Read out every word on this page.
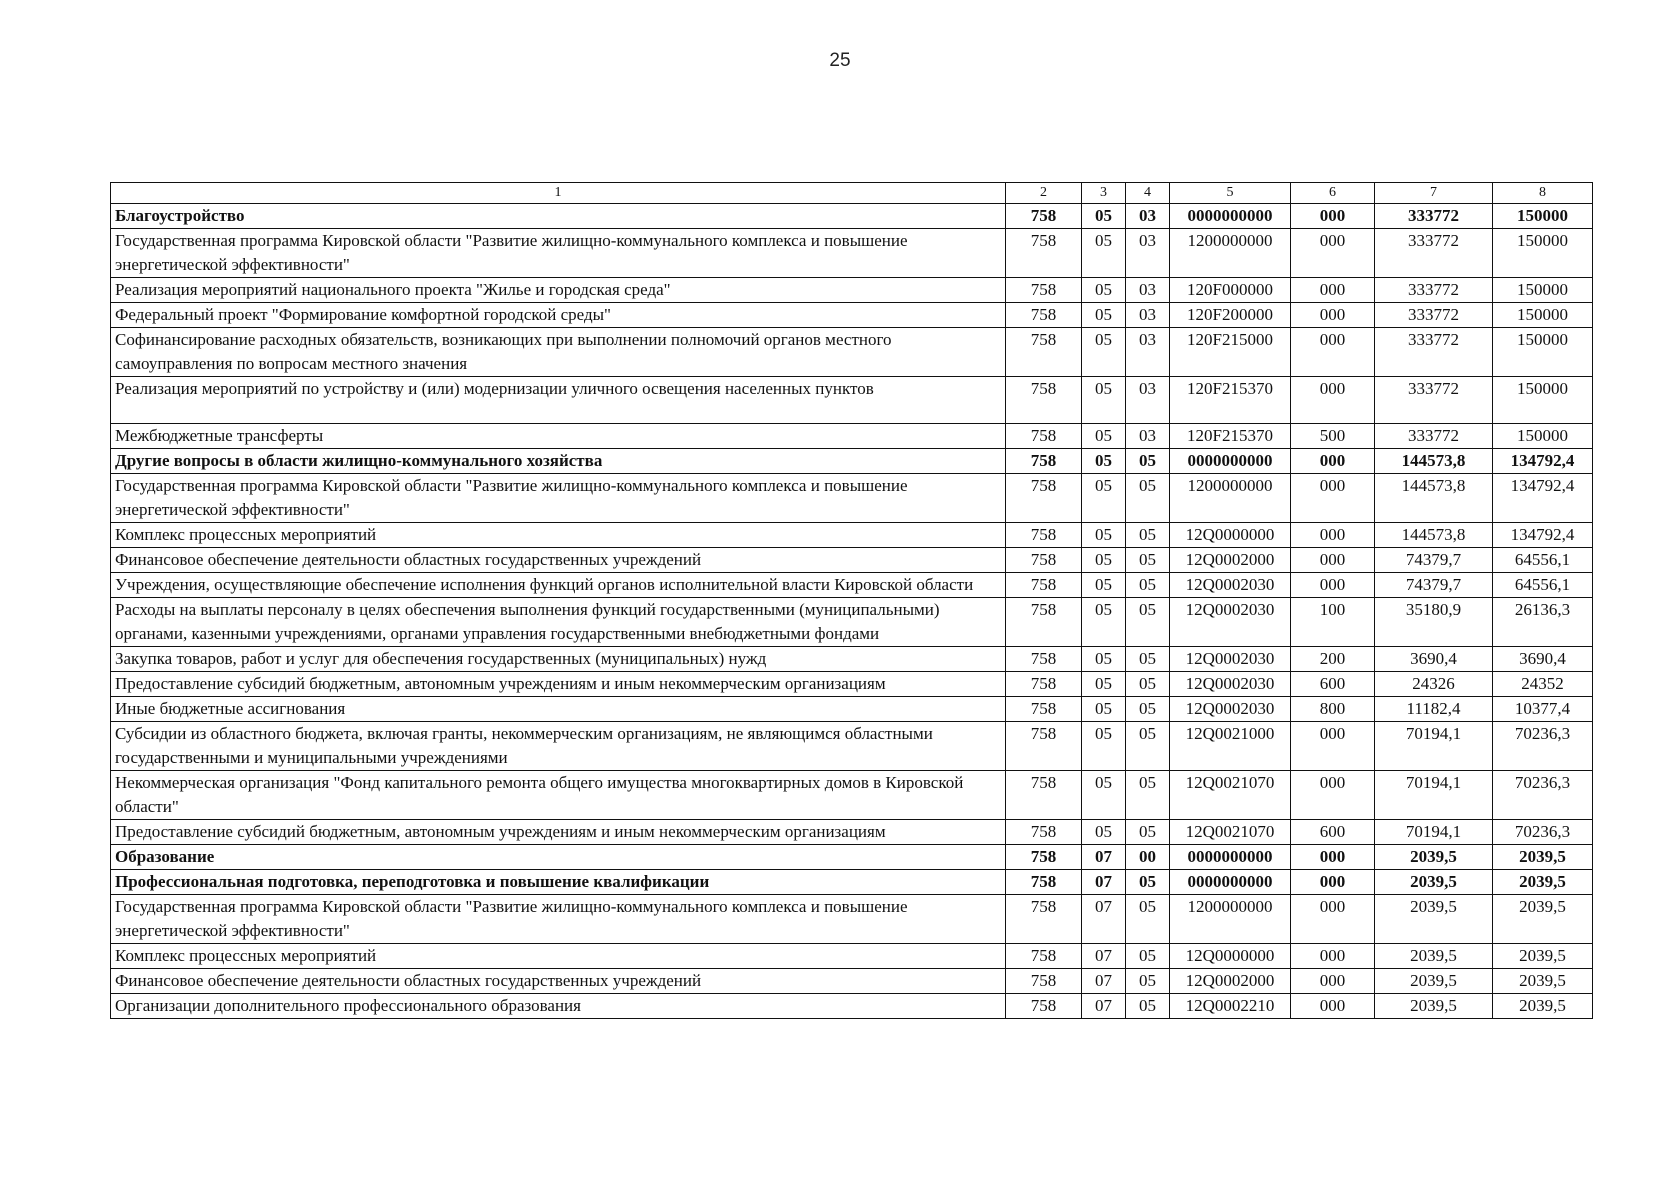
25
1	2	3	4	5	6	7	8
Благоустройство	758	05	03	0000000000	000	333772	150000
Государственная программа Кировской области "Развитие жилищно-коммунального комплекса и повышение энергетической эффективности"	758	05	03	1200000000	000	333772	150000
Реализация мероприятий национального проекта "Жилье и городская среда"	758	05	03	120F000000	000	333772	150000
Федеральный проект "Формирование комфортной городской среды"	758	05	03	120F200000	000	333772	150000
Софинансирование расходных обязательств, возникающих при выполнении полномочий органов местного самоуправления по вопросам местного значения	758	05	03	120F215000	000	333772	150000
Реализация мероприятий по устройству и (или) модернизации уличного освещения населенных пунктов	758	05	03	120F215370	000	333772	150000
Межбюджетные трансферты	758	05	03	120F215370	500	333772	150000
Другие вопросы в области жилищно-коммунального хозяйства	758	05	05	0000000000	000	144573,8	134792,4
Государственная программа Кировской области "Развитие жилищно-коммунального комплекса и повышение энергетической эффективности"	758	05	05	1200000000	000	144573,8	134792,4
Комплекс процессных мероприятий	758	05	05	12Q0000000	000	144573,8	134792,4
Финансовое обеспечение деятельности областных государственных учреждений	758	05	05	12Q0002000	000	74379,7	64556,1
Учреждения, осуществляющие обеспечение исполнения функций органов исполнительной власти Кировской области	758	05	05	12Q0002030	000	74379,7	64556,1
Расходы на выплаты персоналу в целях обеспечения выполнения функций государственными (муниципальными) органами, казенными учреждениями, органами управления государственными внебюджетными фондами	758	05	05	12Q0002030	100	35180,9	26136,3
Закупка товаров, работ и услуг для обеспечения государственных (муниципальных) нужд	758	05	05	12Q0002030	200	3690,4	3690,4
Предоставление субсидий бюджетным, автономным учреждениям и иным некоммерческим организациям	758	05	05	12Q0002030	600	24326	24352
Иные бюджетные ассигнования	758	05	05	12Q0002030	800	11182,4	10377,4
Субсидии из областного бюджета, включая гранты, некоммерческим организациям, не являющимся областными государственными и муниципальными учреждениями	758	05	05	12Q0021000	000	70194,1	70236,3
Некоммерческая организация "Фонд капитального ремонта общего имущества многоквартирных домов в Кировской области"	758	05	05	12Q0021070	000	70194,1	70236,3
Предоставление субсидий бюджетным, автономным учреждениям и иным некоммерческим организациям	758	05	05	12Q0021070	600	70194,1	70236,3
Образование	758	07	00	0000000000	000	2039,5	2039,5
Профессиональная подготовка, переподготовка и повышение квалификации	758	07	05	0000000000	000	2039,5	2039,5
Государственная программа Кировской области "Развитие жилищно-коммунального комплекса и повышение энергетической эффективности"	758	07	05	1200000000	000	2039,5	2039,5
Комплекс процессных мероприятий	758	07	05	12Q0000000	000	2039,5	2039,5
Финансовое обеспечение деятельности областных государственных учреждений	758	07	05	12Q0002000	000	2039,5	2039,5
Организации дополнительного профессионального образования	758	07	05	12Q0002210	000	2039,5	2039,5
